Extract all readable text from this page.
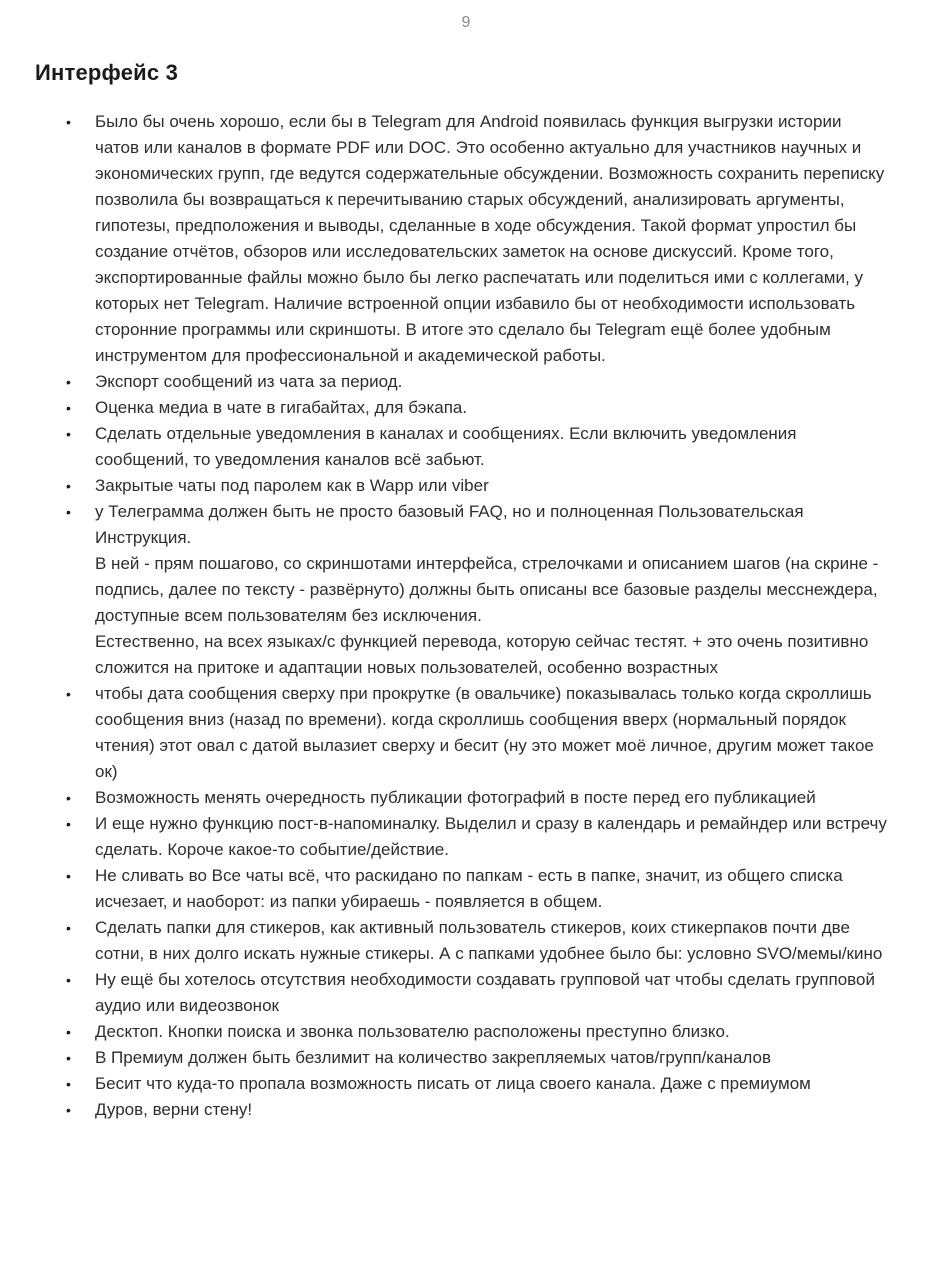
9
Интерфейс 3
• Было бы очень хорошо, если бы в Telegram для Android появилась функция выгрузки истории чатов или каналов в формате PDF или DOC. Это особенно актуально для участников научных и экономических групп, где ведутся содержательные обсуждении. Возможность сохранить переписку позволила бы возвращаться к перечитыванию старых обсуждений, анализировать аргументы, гипотезы, предположения и выводы, сделанные в ходе обсуждения. Такой формат упростил бы создание отчётов, обзоров или исследовательских заметок на основе дискуссий. Кроме того, экспортированные файлы можно было бы легко распечатать или поделиться ими с коллегами, у которых нет Telegram. Наличие встроенной опции избавило бы от необходимости использовать сторонние программы или скриншоты. В итоге это сделало бы Telegram ещё более удобным инструментом для профессиональной и академической работы.
• Экспорт сообщений из чата за период.
• Оценка медиа в чате в гигабайтах, для бэкапа.
• Сделать отдельные уведомления в каналах и сообщениях. Если включить уведомления сообщений, то уведомления каналов всё забьют.
• Закрытые чаты под паролем как в Wapp или viber
• у Телеграмма должен быть не просто базовый FAQ, но и полноценная Пользовательская Инструкция.
В ней - прям пошагово, со скриншотами интерфейса, стрелочками и описанием шагов (на скрине - подпись, далее по тексту - развёрнуто) должны быть описаны все базовые разделы месснеждера, доступные всем пользователям без исключения.
Естественно, на всех языках/с функцией перевода, которую сейчас тестят. + это очень позитивно сложится на притоке и адаптации новых пользователей, особенно возрастных
• чтобы дата сообщения сверху при прокрутке (в овальчике) показывалась только когда скроллишь сообщения вниз (назад по времени). когда скроллишь сообщения вверх (нормальный порядок чтения) этот овал с датой вылазиет сверху и бесит (ну это может моё личное, другим может такое ок)
• Возможность менять очередность публикации фотографий в посте перед его публикацией
• И еще нужно функцию пост-в-напоминалку. Выделил и сразу в календарь и ремайндер или встречу сделать. Короче какое-то событие/действие.
• Не сливать во Все чаты всё, что раскидано по папкам - есть в папке, значит, из общего списка исчезает, и наоборот: из папки убираешь - появляется в общем.
• Сделать папки для стикеров, как активный пользователь стикеров, коих стикерпаков почти две сотни, в них долго искать нужные стикеры. А с папками удобнее было бы: условно SVO/мемы/кино
• Ну ещё бы хотелось отсутствия необходимости создавать групповой чат чтобы сделать групповой аудио или видеозвонок
• Десктоп. Кнопки поиска и звонка пользователю расположены преступно близко.
• В Премиум должен быть безлимит на количество закрепляемых чатов/групп/каналов
• Бесит что куда-то пропала возможность писать от лица своего канала. Даже с премиумом
• Дуров, верни стену!
